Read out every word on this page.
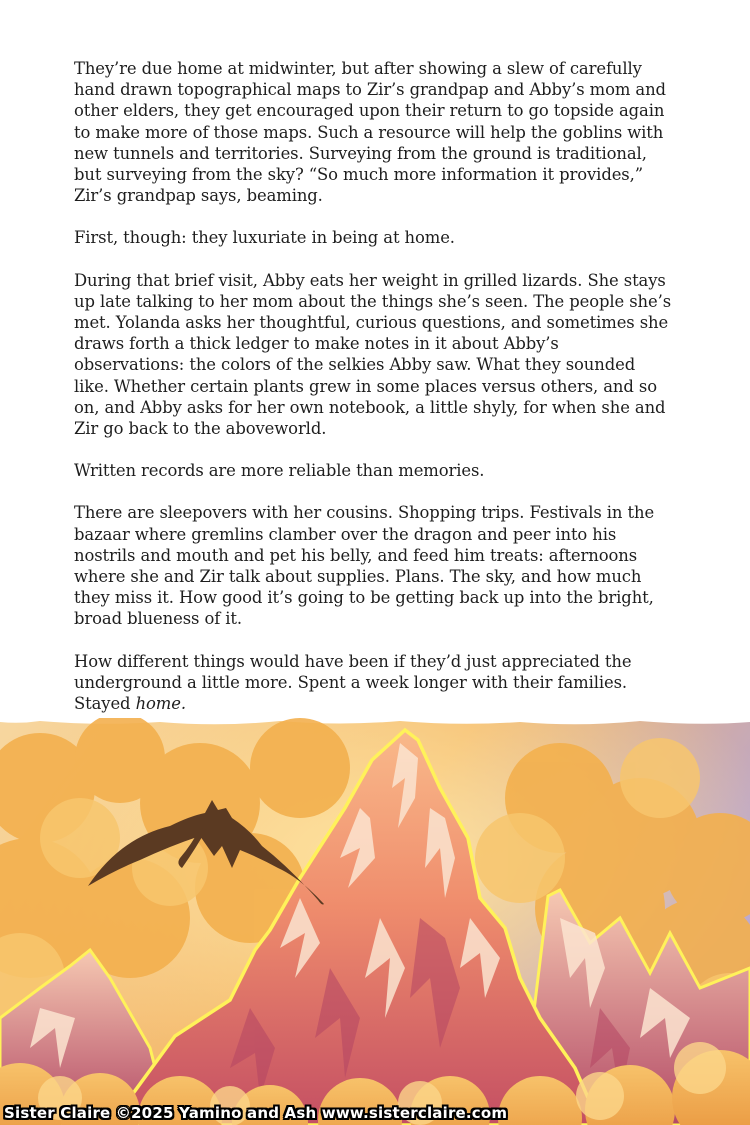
They’re due home at midwinter, but after showing a slew of carefully hand drawn topographical maps to Zir’s grandpap and Abby’s mom and other elders, they get encouraged upon their return to go topside again to make more of those maps. Such a resource will help the goblins with new tunnels and territories. Surveying from the ground is traditional, but surveying from the sky? “So much more information it provides,” Zir’s grandpap says, beaming.

First, though: they luxuriate in being at home.

During that brief visit, Abby eats her weight in grilled lizards. She stays up late talking to her mom about the things she’s seen. The people she’s met. Yolanda asks her thoughtful, curious questions, and sometimes she draws forth a thick ledger to make notes in it about Abby’s observations: the colors of the selkies Abby saw. What they sounded like. Whether certain plants grew in some places versus others, and so on, and Abby asks for her own notebook, a little shyly, for when she and Zir go back to the aboveworld.

Written records are more reliable than memories.

There are sleepovers with her cousins. Shopping trips. Festivals in the bazaar where gremlins clamber over the dragon and peer into his nostrils and mouth and pet his belly, and feed him treats: afternoons where she and Zir talk about supplies. Plans. The sky, and how much they miss it. How good it’s going to be getting back up into the bright, broad blueness of it.

How different things would have been if they’d just appreciated the underground a little more. Spent a week longer with their families. Stayed home.

Sister Claire ©2025 Yamino and Ash www.sisterclaire.com
